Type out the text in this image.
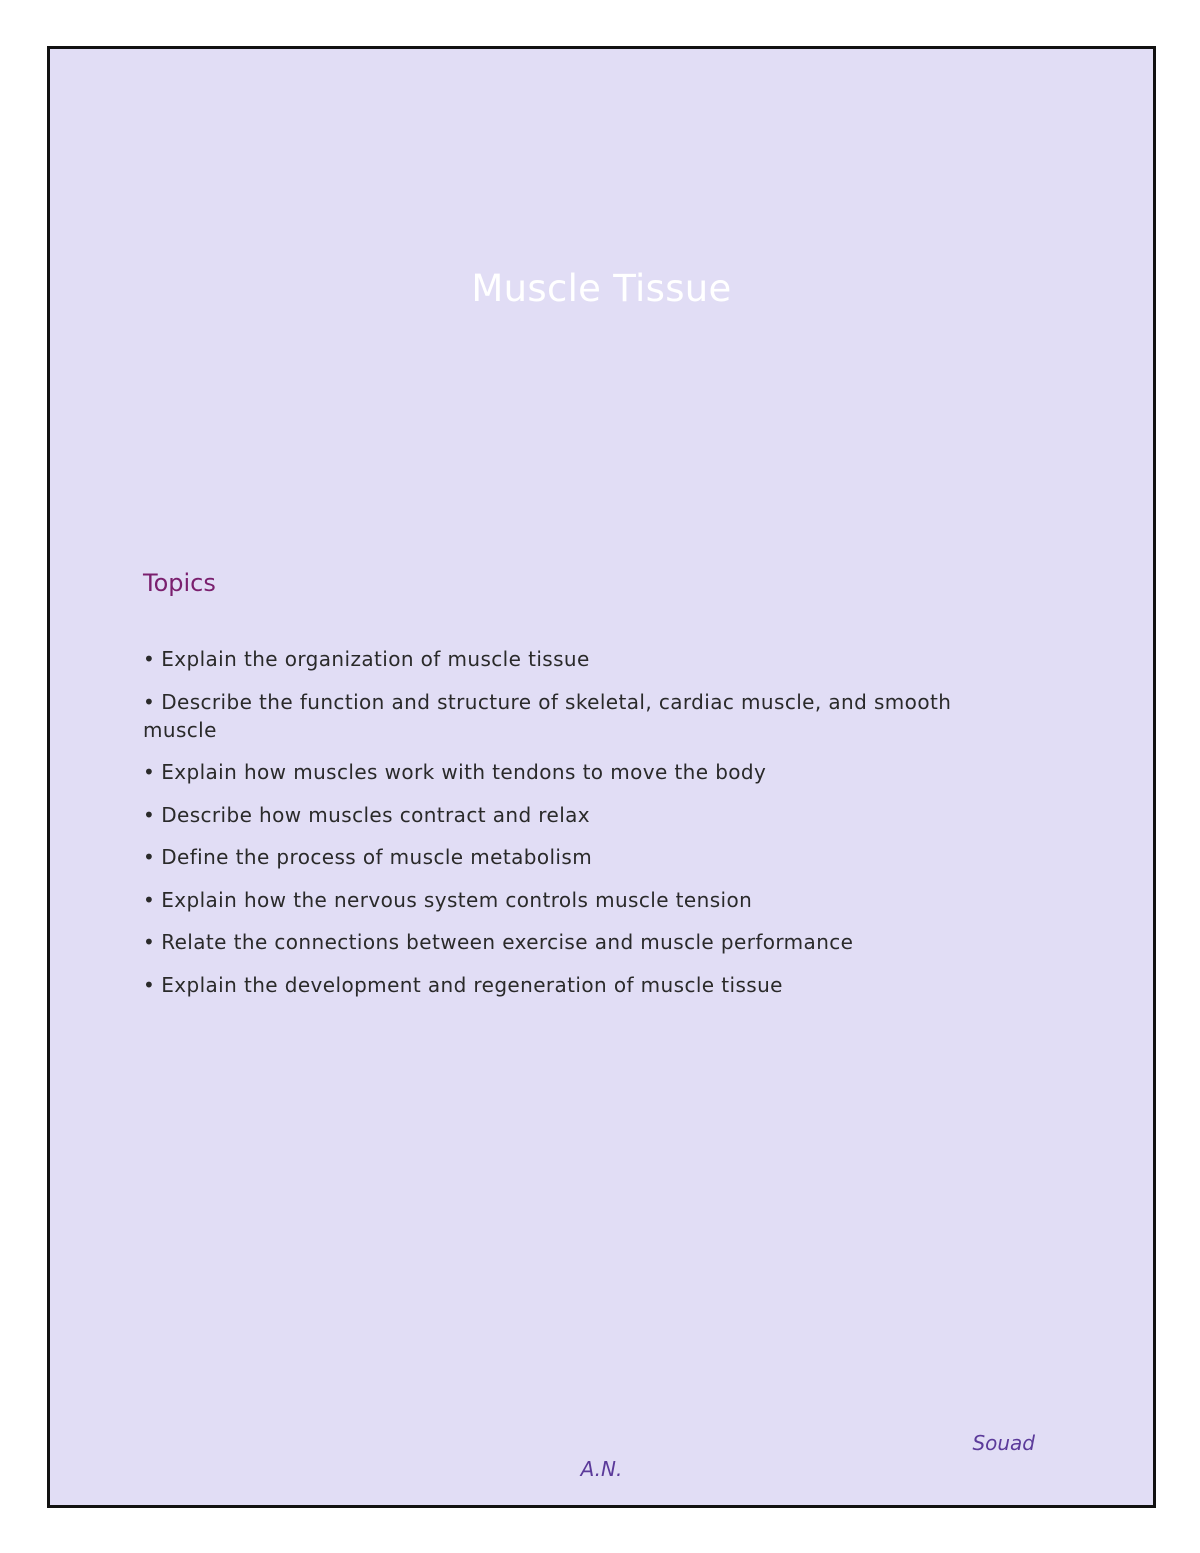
Muscle Tissue
Topics
• Explain the organization of muscle tissue
• Describe the function and structure of skeletal, cardiac muscle, and smooth muscle
• Explain how muscles work with tendons to move the body
• Describe how muscles contract and relax
• Define the process of muscle metabolism
• Explain how the nervous system controls muscle tension
• Relate the connections between exercise and muscle performance
• Explain the development and regeneration of muscle tissue
Souad
A.N.
